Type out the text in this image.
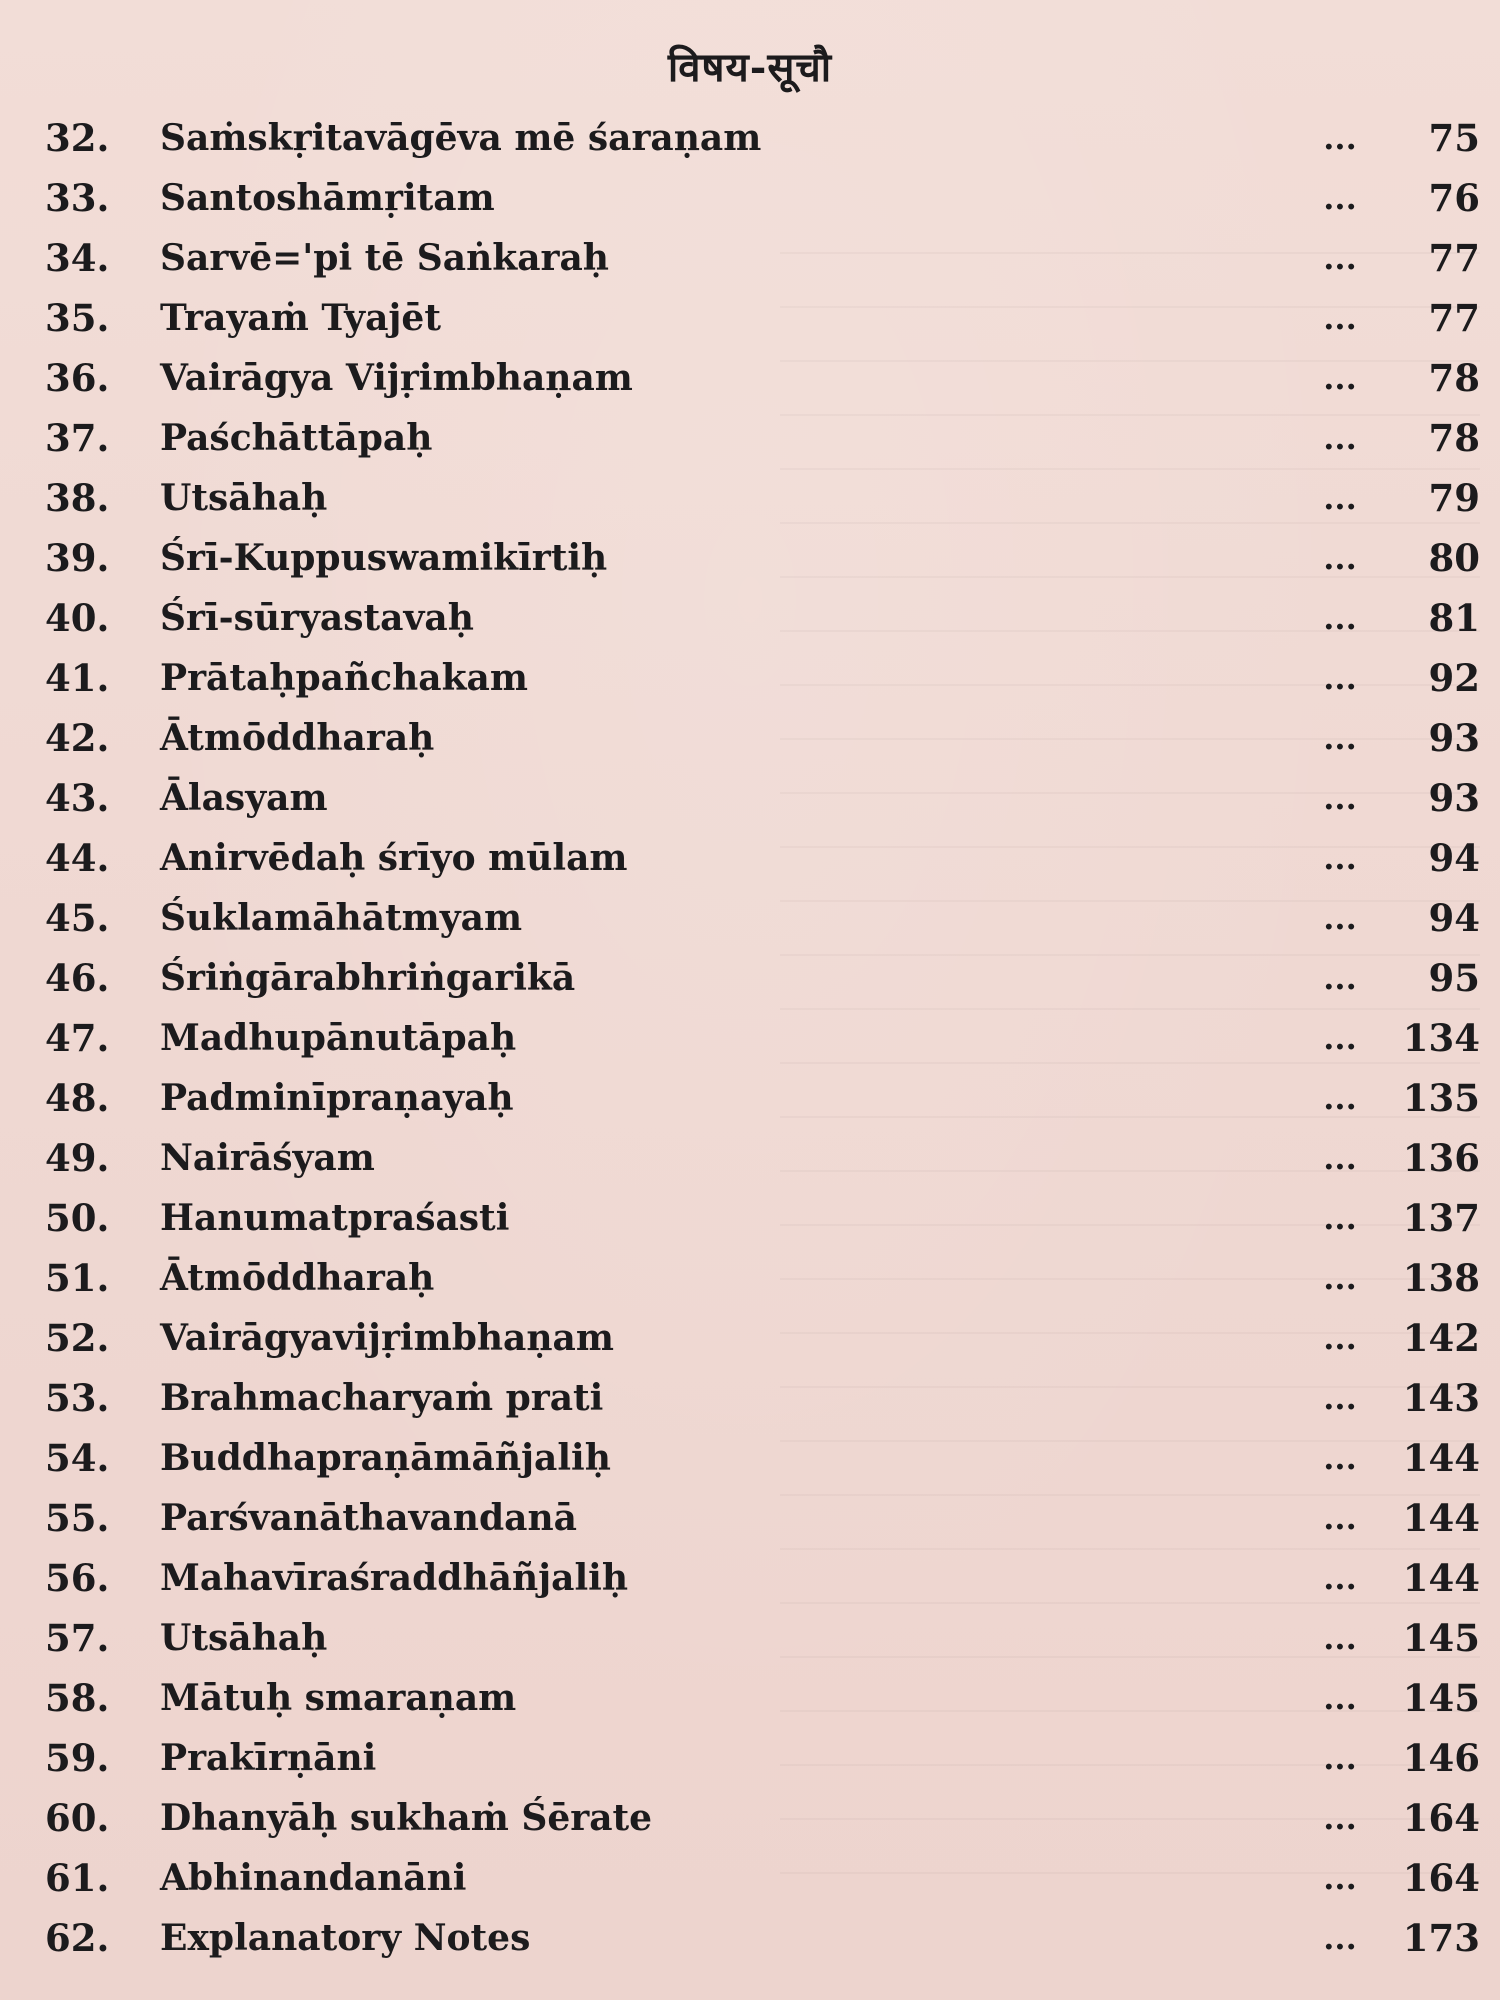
विषय-सूचौ
32.	Saṁskṛitavāgēva mē śaraṇam	...	75
33.	Santoshāmṛitam	...	76
34.	Sarvē='pi tē Saṅkaraḥ	...	77
35.	Trayaṁ Tyajēt	...	77
36.	Vairāgya Vijṛimbhaṇam	...	78
37.	Paśchāttāpaḥ	...	78
38.	Utsāhaḥ	...	79
39.	Śrī-Kuppuswamikīrtiḥ	...	80
40.	Śrī-sūryastavaḥ	...	81
41.	Prātaḥpañchakam	...	92
42.	Ātmōddharaḥ	...	93
43.	Ālasyam	...	93
44.	Anirvēdaḥ śrīyo mūlam	...	94
45.	Śuklamāhātmyam	...	94
46.	Śriṅgārabhriṅgarikā	...	95
47.	Madhupānutāpaḥ	...	134
48.	Padminīpraṇayaḥ	...	135
49.	Nairāśyam	...	136
50.	Hanumatpraśasti	...	137
51.	Ātmōddharaḥ	...	138
52.	Vairāgyavijṛimbhaṇam	...	142
53.	Brahmacharyaṁ prati	...	143
54.	Buddhapraṇāmāñjaliḥ	...	144
55.	Parśvanāthavandanā	...	144
56.	Mahavīraśraddhāñjaliḥ	...	144
57.	Utsāhaḥ	...	145
58.	Mātuḥ smaraṇam	...	145
59.	Prakīrṇāni	...	146
60.	Dhanyāḥ sukhaṁ Śērate	...	164
61.	Abhinandanāni	...	164
62.	Explanatory Notes	...	173
